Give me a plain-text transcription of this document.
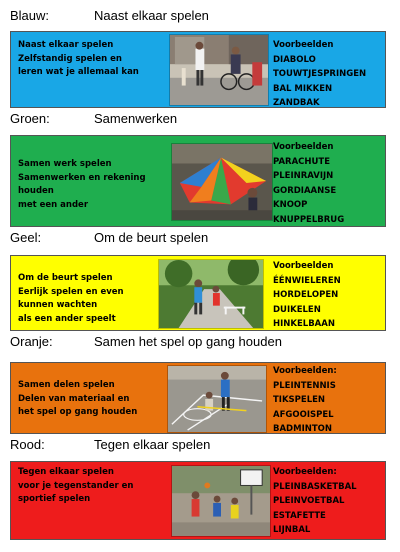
Blauw:	Naast elkaar spelen
Naast elkaar spelen
Zelfstandig spelen en
leren wat je allemaal kan
Voorbeelden
DIABOLO
TOUWTJESPRINGEN
BAL MIKKEN
ZANDBAK
Groen:	Samenwerken
Samen werk spelen
Samenwerken en rekening
houden
met een ander
Voorbeelden
PARACHUTE
PLEINRAVIJN
GORDIAANSE
KNOOP
KNUPPELBRUG
Geel:	Om de beurt spelen
Om de beurt spelen
Eerlijk spelen en even
kunnen wachten
als een ander speelt
Voorbeelden
ÉÉNWIELEREN
HORDELOPEN
DUIKELEN
HINKELBAAN
Oranje:	Samen het spel op gang houden
Samen delen spelen
Delen van materiaal en
het spel op gang houden
Voorbeelden:
PLEINTENNIS
TIKSPELEN
AFGOOISPEL
BADMINTON
Rood:	Tegen elkaar spelen
Tegen elkaar spelen
voor je tegenstander en
sportief spelen
Voorbeelden:
PLEINBASKETBAL
PLEINVOETBAL
ESTAFETTE
LIJNBAL
